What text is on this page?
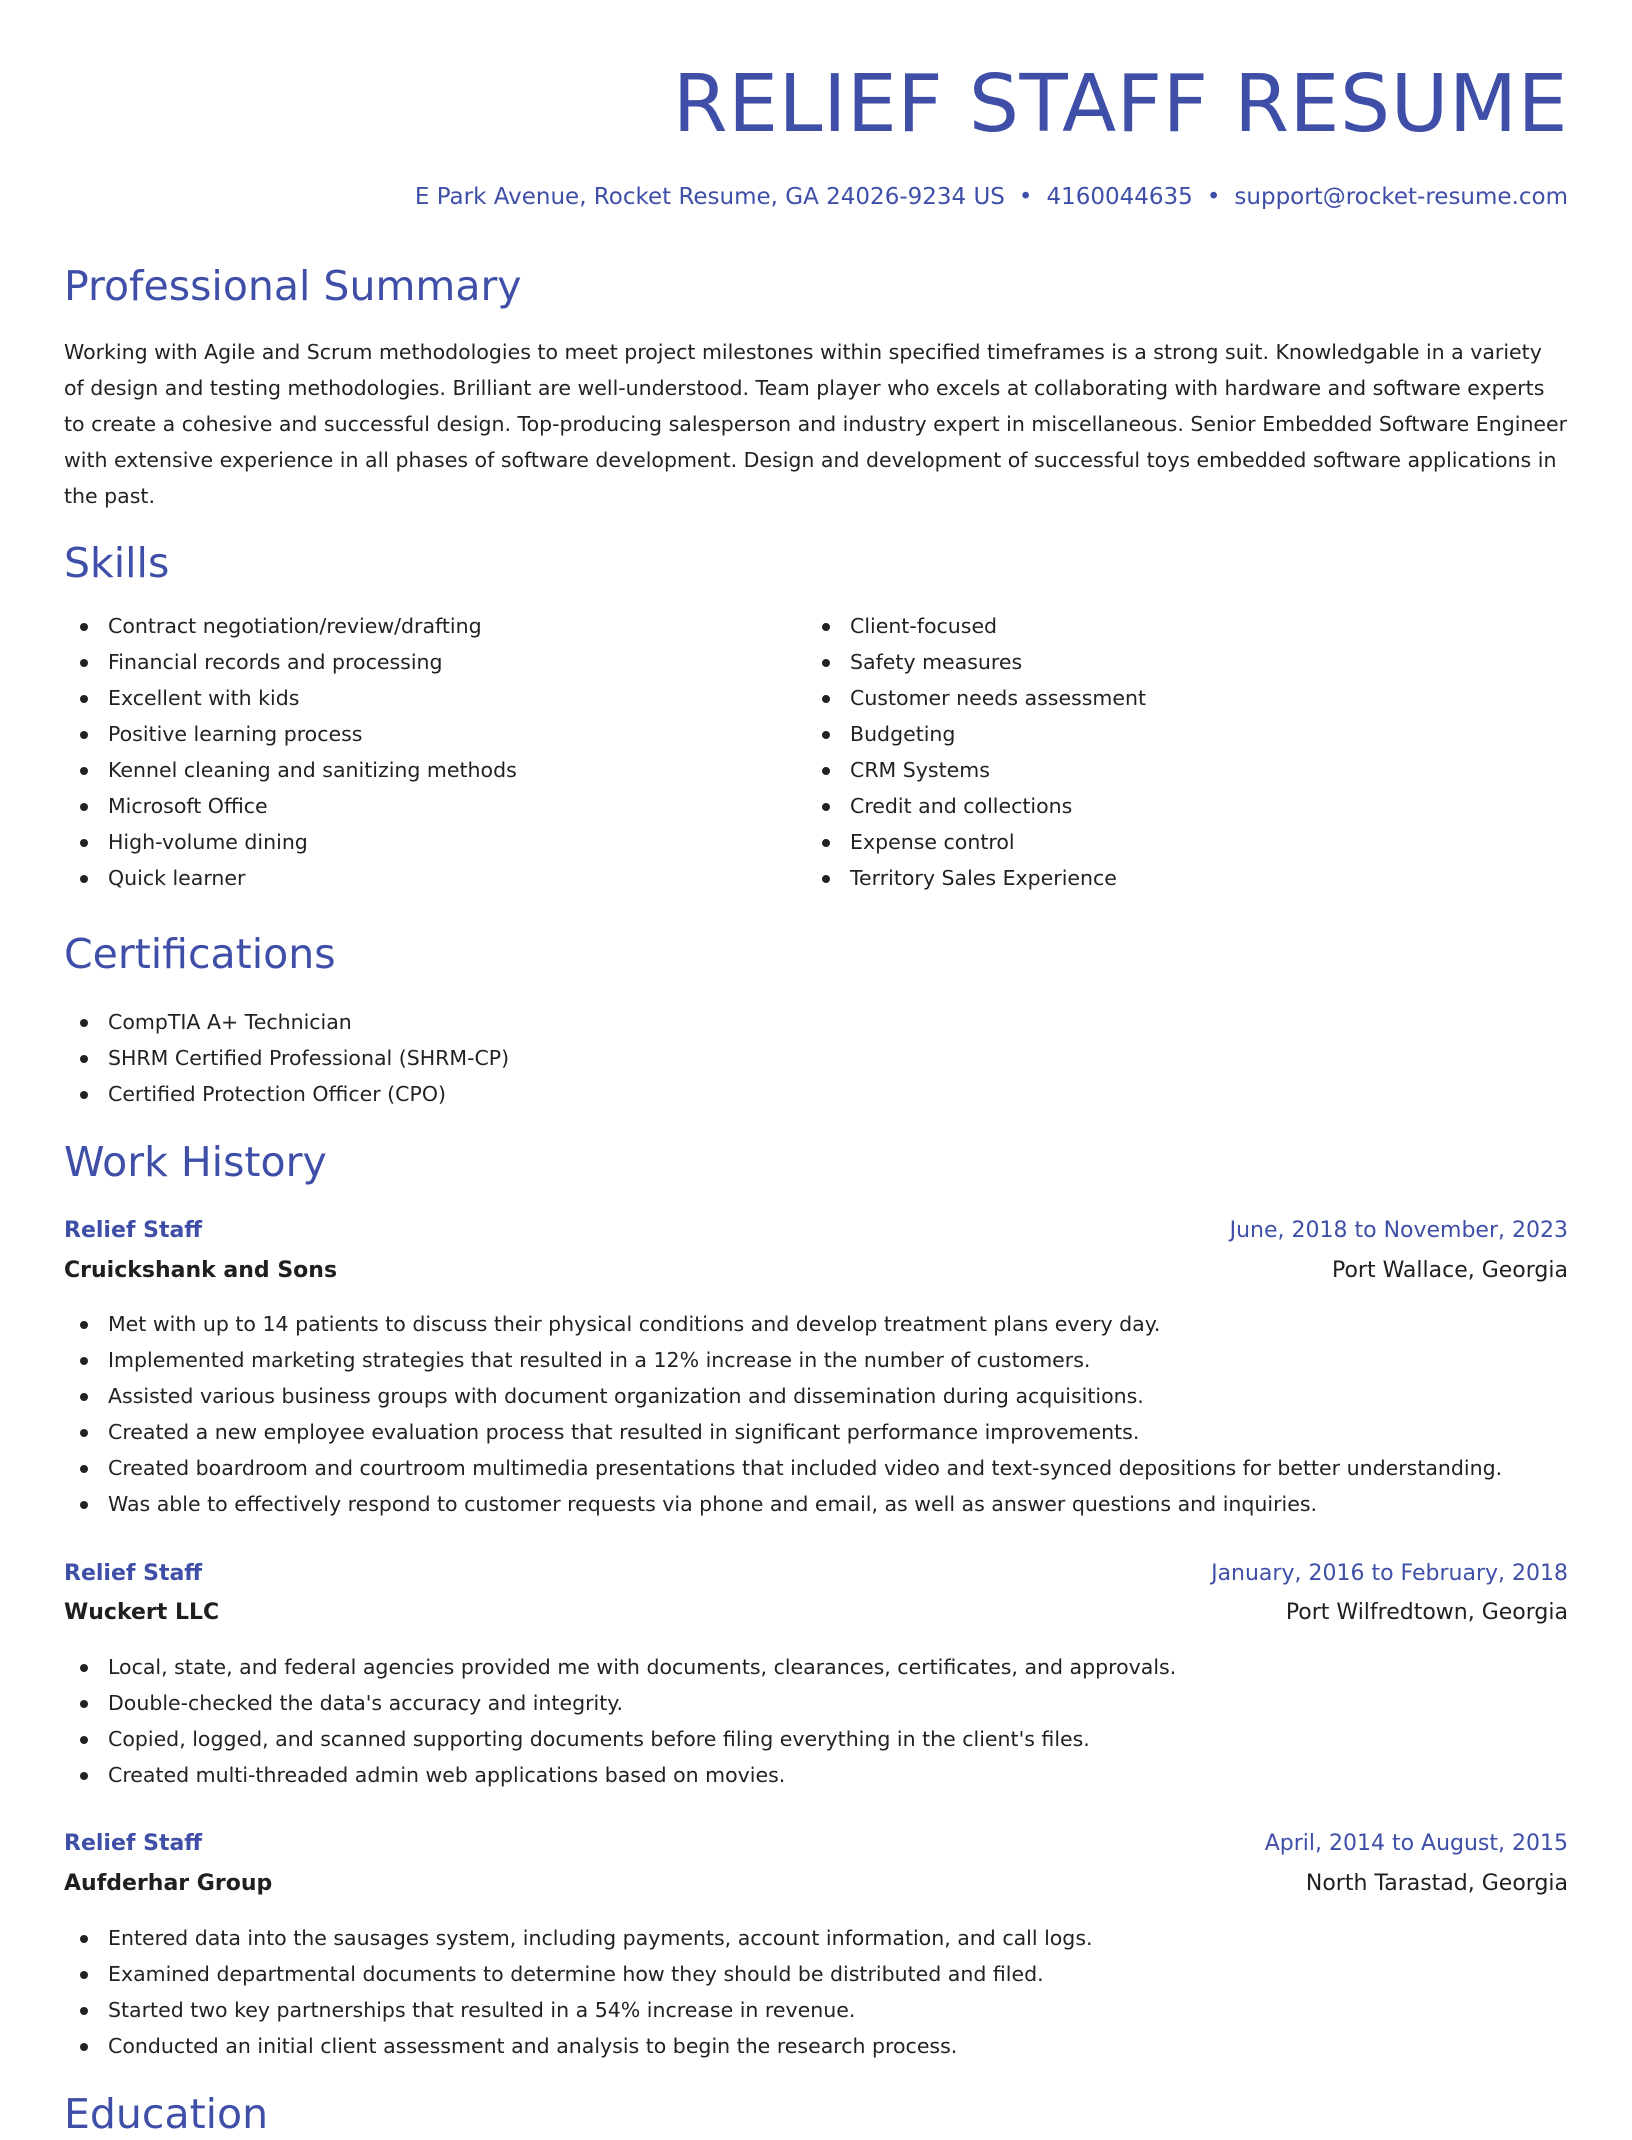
RELIEF STAFF RESUME
E Park Avenue, Rocket Resume, GA 24026-9234 US • 4160044635 • support@rocket-resume.com
Professional Summary

Working with Agile and Scrum methodologies to meet project milestones within specified timeframes is a strong suit. Knowledgable in a variety of design and testing methodologies. Brilliant are well-understood. Team player who excels at collaborating with hardware and software experts to create a cohesive and successful design. Top-producing salesperson and industry expert in miscellaneous. Senior Embedded Software Engineer with extensive experience in all phases of software development. Design and development of successful toys embedded software applications in the past.

Skills
Contract negotiation/review/drafting
Financial records and processing
Excellent with kids
Positive learning process
Kennel cleaning and sanitizing methods
Microsoft Office
High-volume dining
Quick learner
Client-focused
Safety measures
Customer needs assessment
Budgeting
CRM Systems
Credit and collections
Expense control
Territory Sales Experience
Certifications
CompTIA A+ Technician
SHRM Certified Professional (SHRM-CP)
Certified Protection Officer (CPO)
Work History
Relief Staff	June, 2018 to November, 2023
Cruickshank and Sons	Port Wallace, Georgia
Met with up to 14 patients to discuss their physical conditions and develop treatment plans every day.
Implemented marketing strategies that resulted in a 12% increase in the number of customers.
Assisted various business groups with document organization and dissemination during acquisitions.
Created a new employee evaluation process that resulted in significant performance improvements.
Created boardroom and courtroom multimedia presentations that included video and text-synced depositions for better understanding.
Was able to effectively respond to customer requests via phone and email, as well as answer questions and inquiries.
Relief Staff	January, 2016 to February, 2018
Wuckert LLC	Port Wilfredtown, Georgia
Local, state, and federal agencies provided me with documents, clearances, certificates, and approvals.
Double-checked the data's accuracy and integrity.
Copied, logged, and scanned supporting documents before filing everything in the client's files.
Created multi-threaded admin web applications based on movies.
Relief Staff	April, 2014 to August, 2015
Aufderhar Group	North Tarastad, Georgia
Entered data into the sausages system, including payments, account information, and call logs.
Examined departmental documents to determine how they should be distributed and filed.
Started two key partnerships that resulted in a 54% increase in revenue.
Conducted an initial client assessment and analysis to begin the research process.
Education
